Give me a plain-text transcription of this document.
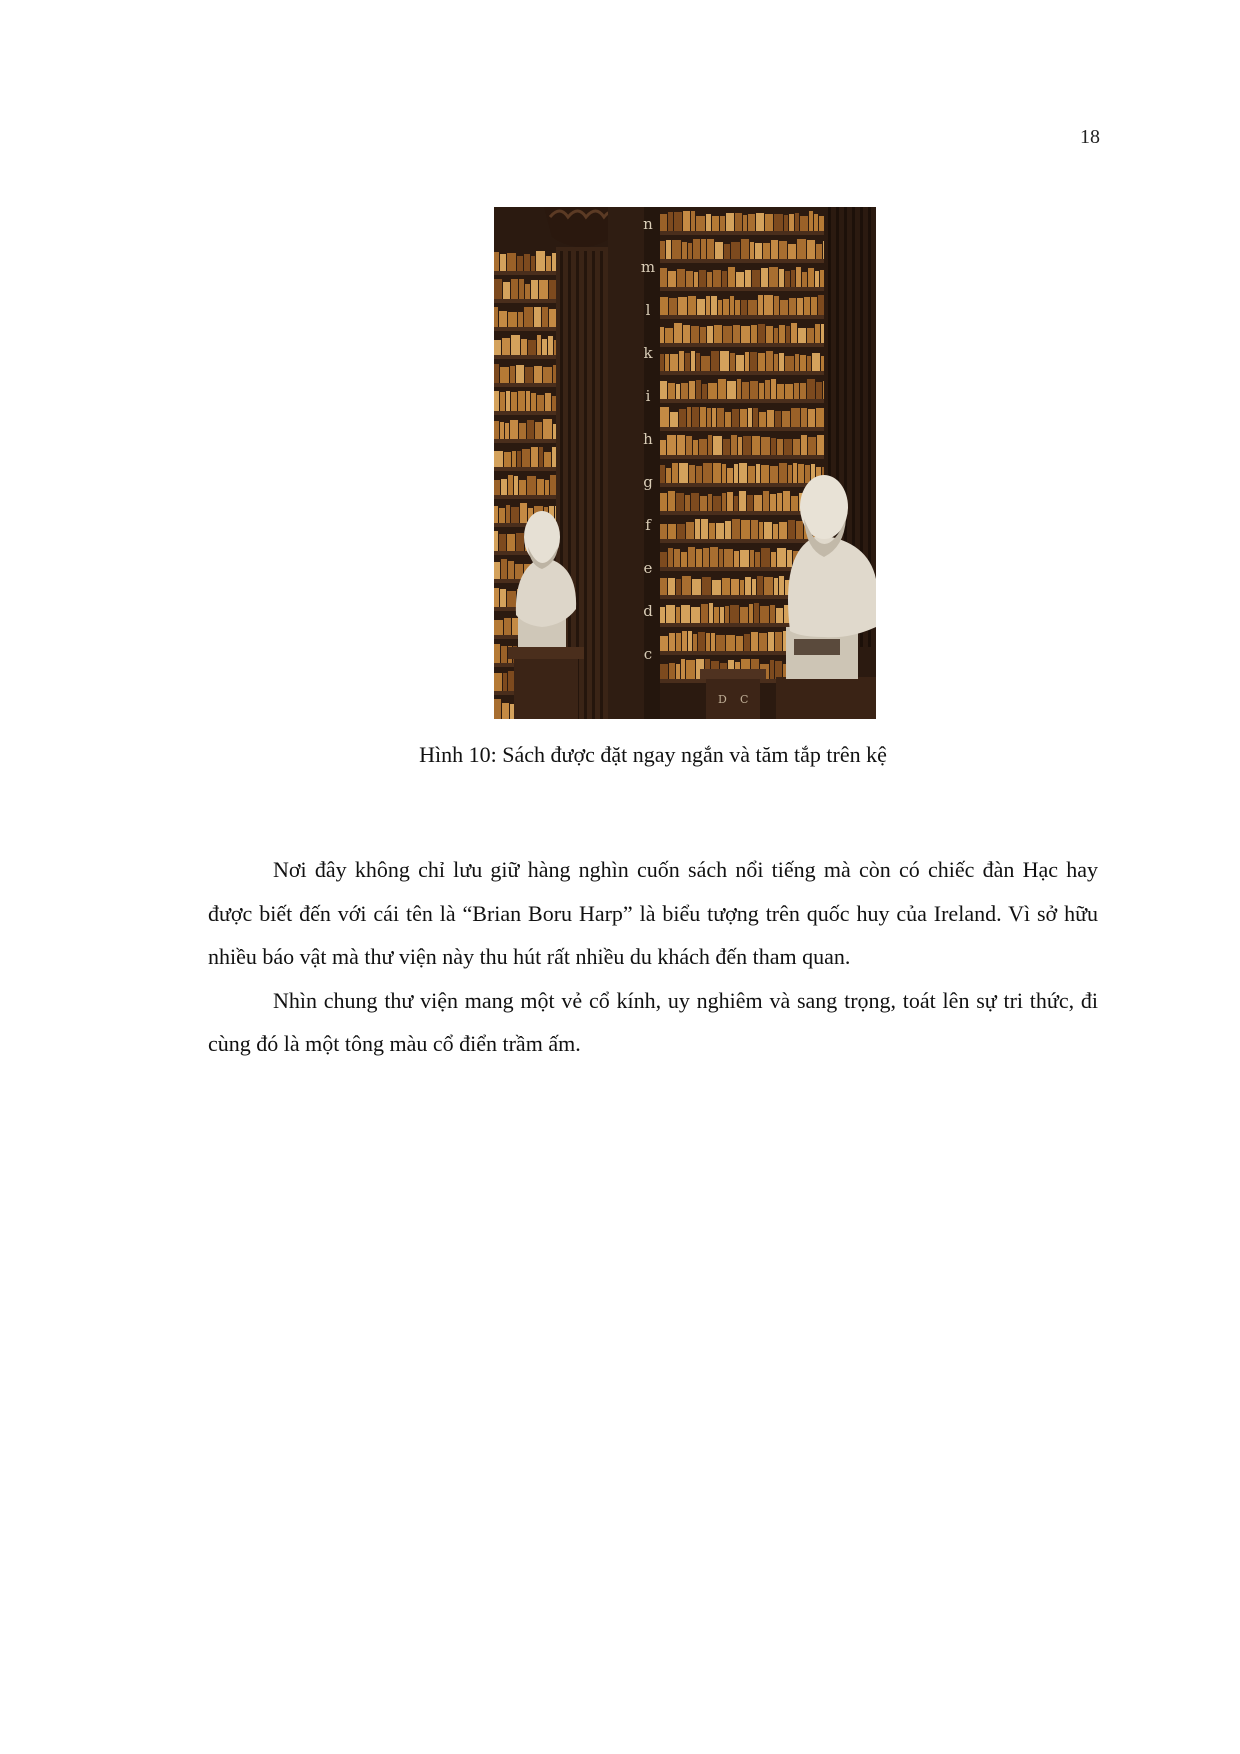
18
n
m
l
k
i
h
g
f
e
d
c
D C
Hình 10: Sách được đặt ngay ngắn và tăm tắp trên kệ

Nơi đây không chỉ lưu giữ hàng nghìn cuốn sách nổi tiếng mà còn có chiếc đàn Hạc hay được biết đến với cái tên là “Brian Boru Harp” là biểu tượng trên quốc huy của Ireland. Vì sở hữu nhiều báo vật mà thư viện này thu hút rất nhiều du khách đến tham quan.

Nhìn chung thư viện mang một vẻ cổ kính, uy nghiêm và sang trọng, toát lên sự tri thức, đi cùng đó là một tông màu cổ điển trầm ấm.
